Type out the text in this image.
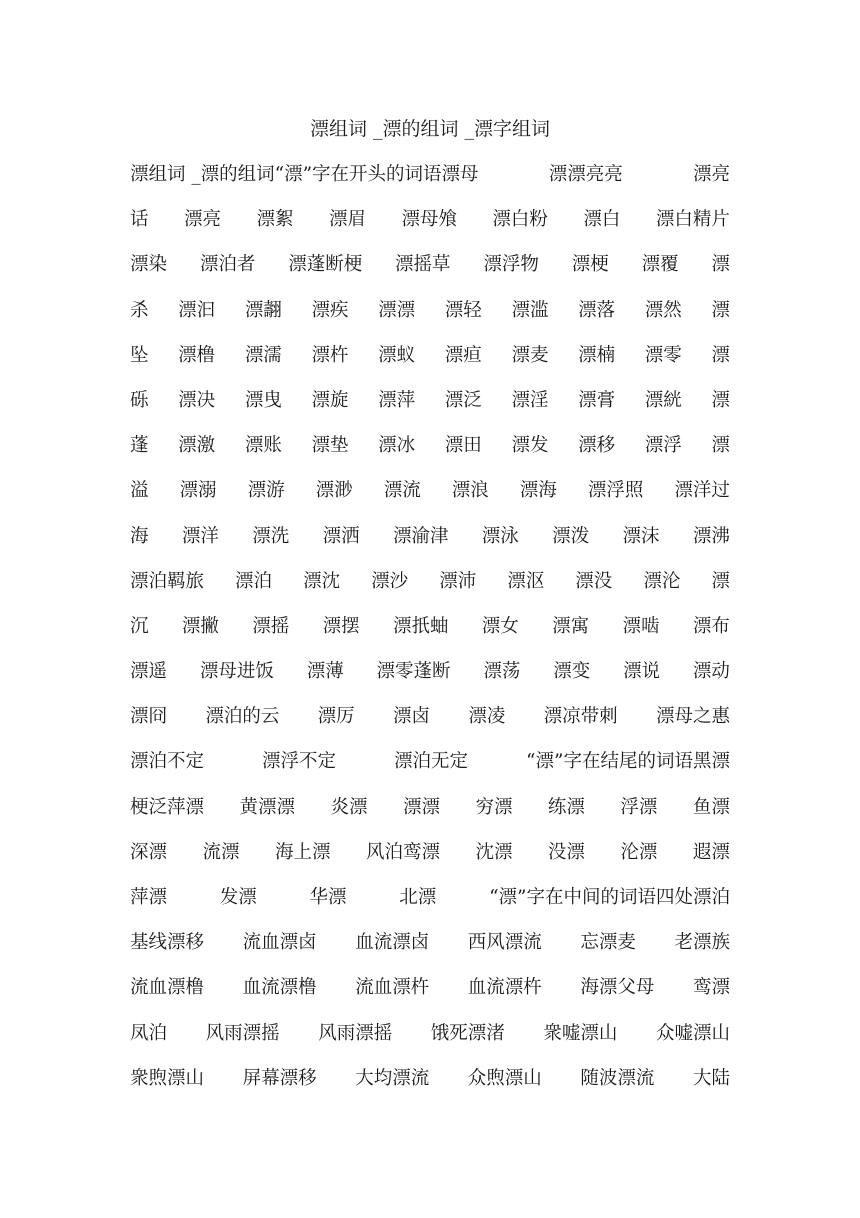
漂组词 _漂的组词 _漂字组词
漂组词 _漂的组词“漂”字在开头的词语漂母	漂漂亮亮	漂亮
话 漂亮 漂絮 漂眉 漂母飧 漂白粉 漂白 漂白精片
漂染 漂泊者 漂蓬断梗 漂摇草 漂浮物 漂梗 漂覆 漂
杀 漂汩 漂翿 漂疾 漂漂 漂轻 漂滥 漂落 漂然 漂
坠 漂橹 漂濡 漂杵 漂蚁 漂疸 漂麦 漂楠 漂零 漂
砾 漂决 漂曳 漂旋 漂萍 漂泛 漂淫 漂膏 漂絖 漂
蓬 漂激 漂账 漂垫 漂冰 漂田 漂发 漂移 漂浮 漂
溢 漂溺 漂游 漂渺 漂流 漂浪 漂海 漂浮照 漂洋过
海 漂洋 漂洗 漂洒 漂渝津 漂泳 漂泼 漂沫 漂沸
漂泊羁旅 漂泊 漂沈 漂沙 漂沛 漂沤 漂没 漂沦 漂
沉 漂撇 漂摇 漂摆 漂扺蚰 漂女 漂寓 漂啮 漂布
漂遥 漂母进饭 漂薄 漂零蓬断 漂荡 漂变 漂说 漂动
漂冏 漂泊的云 漂厉 漂卤 漂凌 漂凉带刺 漂母之惠
漂泊不定	漂浮不定	漂泊无定	“漂”字在结尾的词语黑漂
梗泛萍漂 黄漂漂 炎漂 漂漂 穷漂 练漂 浮漂 鱼漂
深漂 流漂 海上漂 风泊鸾漂 沈漂 没漂 沦漂 遐漂
萍漂	发漂	华漂	北漂	“漂”字在中间的词语四处漂泊
基线漂移 流血漂卤 血流漂卤 西风漂流 忘漂麦 老漂族
流血漂橹 血流漂橹 流血漂杵 血流漂杵 海漂父母 鸾漂
凤泊 风雨漂摇 风雨漂摇 饿死漂渚 衆嘘漂山 众嘘漂山
衆煦漂山 屏幕漂移 大均漂流 众煦漂山 随波漂流 大陆
